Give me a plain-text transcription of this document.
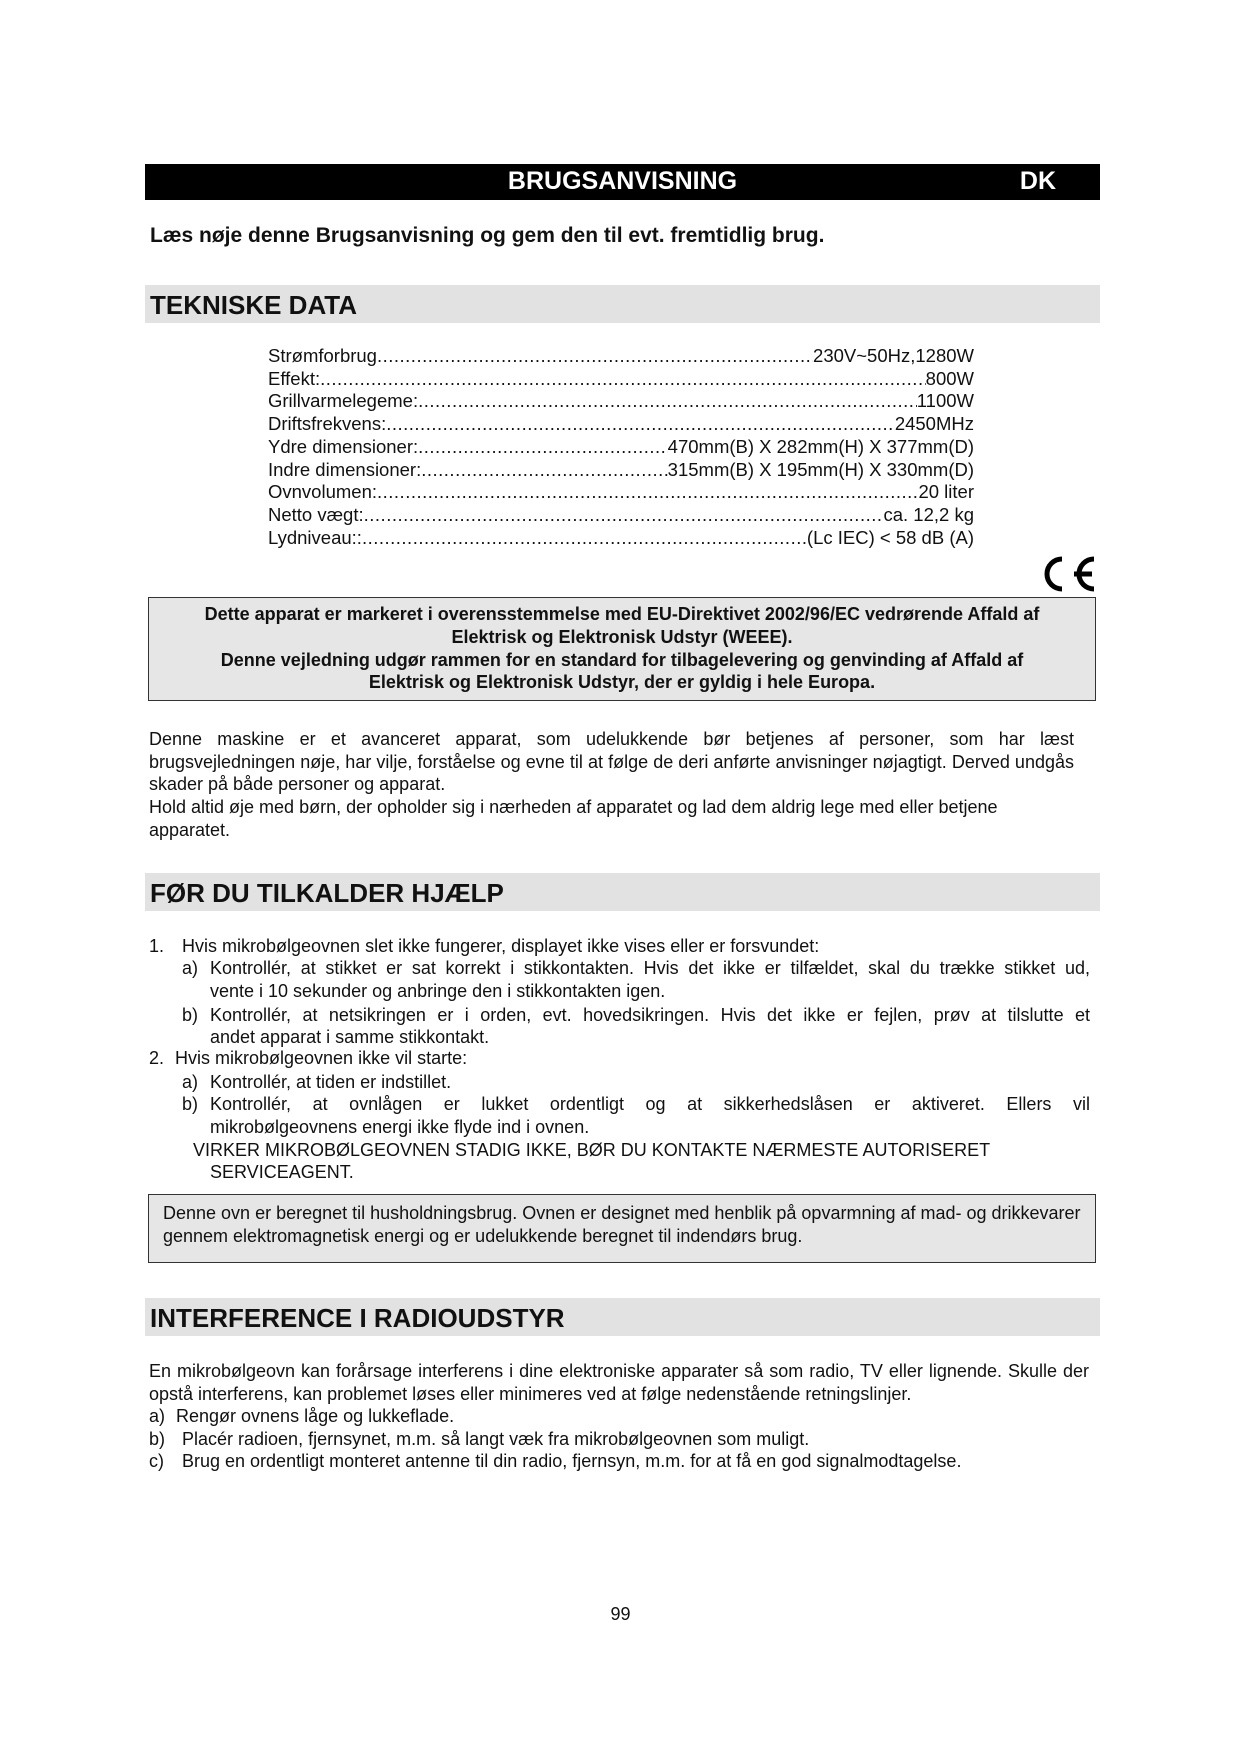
BRUGSANVISNING	DK
Læs nøje denne Brugsanvisning og gem den til evt. fremtidlig brug.
TEKNISKE DATA
Strømforbrug .....	230V~50Hz,1280W
Effekt: .....	800W
Grillvarmelegeme: .....	1100W
Driftsfrekvens: .....	2450MHz
Ydre dimensioner: .....	470mm(B) X 282mm(H) X 377mm(D)
Indre dimensioner: .....	315mm(B) X 195mm(H) X 330mm(D)
Ovnvolumen: .....	20 liter
Netto vægt: .....	ca. 12,2 kg
Lydniveau:: .....	(Lc IEC) < 58 dB (A)
Dette apparat er markeret i overensstemmelse med EU-Direktivet 2002/96/EC vedrørende Affald af
Elektrisk og Elektronisk Udstyr (WEEE).
Denne vejledning udgør rammen for en standard for tilbagelevering og genvinding af Affald af
Elektrisk og Elektronisk Udstyr, der er gyldig i hele Europa.
Denne maskine er et avanceret apparat, som udelukkende bør betjenes af personer, som har læst brugsvejledningen nøje, har vilje, forståelse og evne til at følge de deri anførte anvisninger nøjagtigt. Derved undgås skader på både personer og apparat.
Hold altid øje med børn, der opholder sig i nærheden af apparatet og lad dem aldrig lege med eller betjene apparatet.
FØR DU TILKALDER HJÆLP
1. Hvis mikrobølgeovnen slet ikke fungerer, displayet ikke vises eller er forsvundet:
a) Kontrollér, at stikket er sat korrekt i stikkontakten. Hvis det ikke er tilfældet, skal du trække stikket ud,
vente i 10 sekunder og anbringe den i stikkontakten igen.
b) Kontrollér, at netsikringen er i orden, evt. hovedsikringen. Hvis det ikke er fejlen, prøv at tilslutte et
andet apparat i samme stikkontakt.
2. Hvis mikrobølgeovnen ikke vil starte:
a) Kontrollér, at tiden er indstillet.
b) Kontrollér, at ovnlågen er lukket ordentligt og at sikkerhedslåsen er aktiveret. Ellers vil
mikrobølgeovnens energi ikke flyde ind i ovnen.
VIRKER MIKROBØLGEOVNEN STADIG IKKE, BØR DU KONTAKTE NÆRMESTE AUTORISERET
SERVICEAGENT.
Denne ovn er beregnet til husholdningsbrug. Ovnen er designet med henblik på opvarmning af mad- og drikkevarer gennem elektromagnetisk energi og er udelukkende beregnet til indendørs brug.
INTERFERENCE I RADIOUDSTYR
En mikrobølgeovn kan forårsage interferens i dine elektroniske apparater så som radio, TV eller lignende. Skulle der opstå interferens, kan problemet løses eller minimeres ved at følge nedenstående retningslinjer.
a) Rengør ovnens låge og lukkeflade.
b) Placér radioen, fjernsynet, m.m. så langt væk fra mikrobølgeovnen som muligt.
c) Brug en ordentligt monteret antenne til din radio, fjernsyn, m.m. for at få en god signalmodtagelse.
99
